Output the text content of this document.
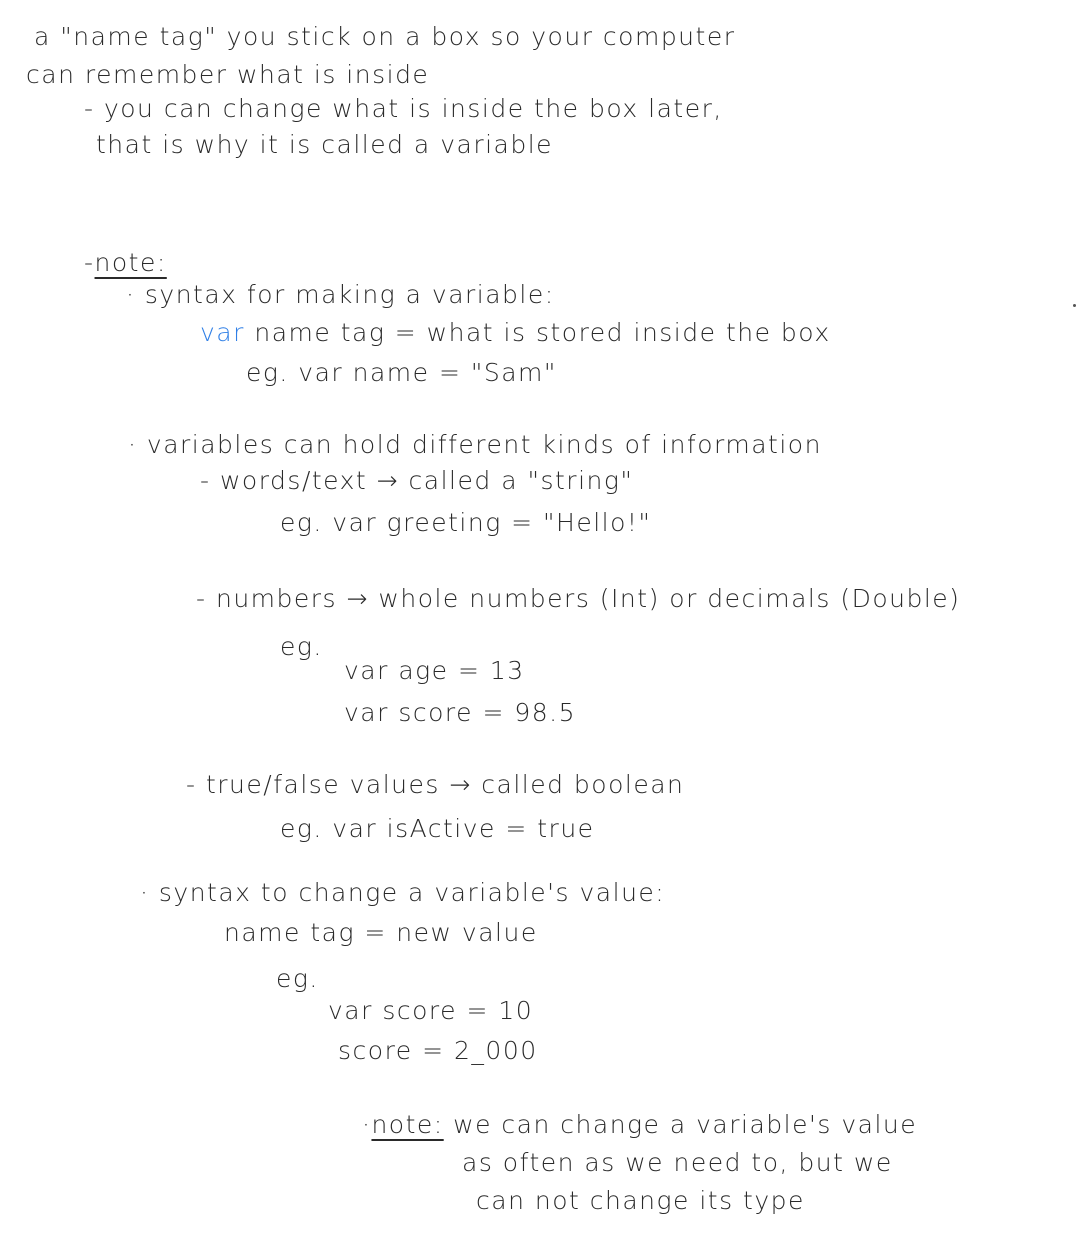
a "name tag" you stick on a box so your computer
can remember what is inside
- you can change what is inside the box later,
that is why it is called a variable
-note:
· syntax for making a variable:
var name tag = what is stored inside the box
eg. var name = "Sam"
· variables can hold different kinds of information
- words/text → called a "string"
eg. var greeting = "Hello!"
- numbers → whole numbers (Int) or decimals (Double)
eg.
var age = 13
var score = 98.5
- true/false values → called boolean
eg. var isActive = true
· syntax to change a variable's value:
name tag = new value
eg.
var score = 10
score = 2_000
·note: we can change a variable's value
as often as we need to, but we
can not change its type
